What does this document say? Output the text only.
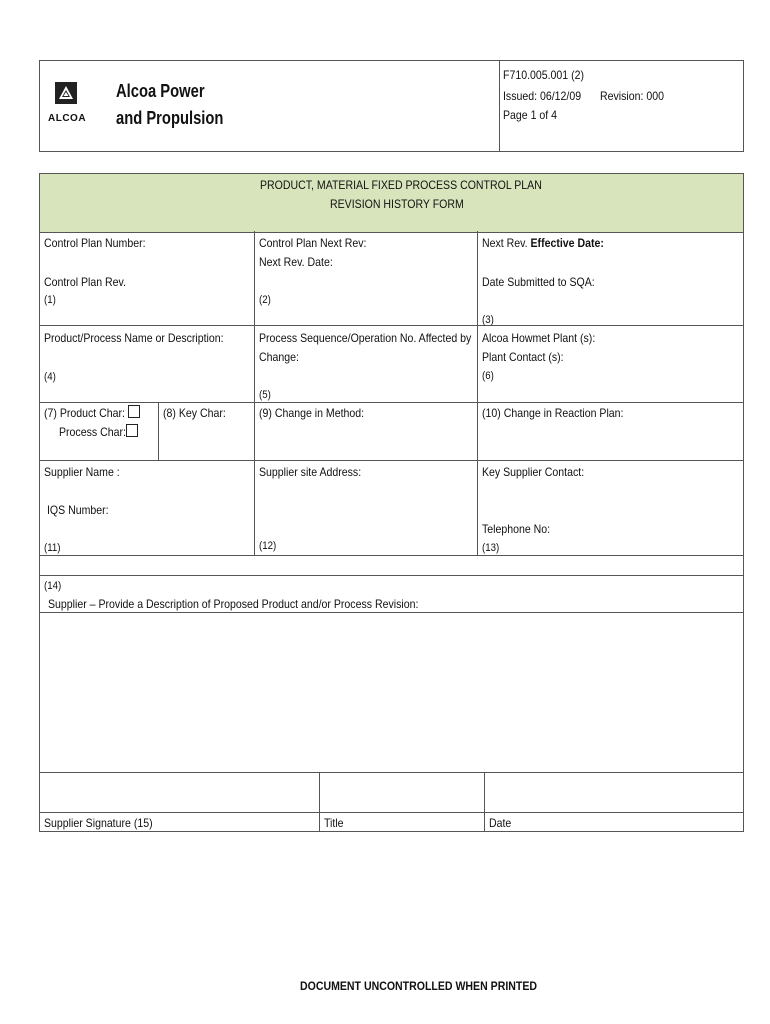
ALCOA
Alcoa Power
and Propulsion
F710.005.001 (2)
Issued: 06/12/09 Revision: 000
Page 1 of 4
PRODUCT, MATERIAL FIXED PROCESS CONTROL PLAN
REVISION HISTORY FORM
Control Plan Number:
Control Plan Rev.
(1)
Control Plan Next Rev:
Next Rev. Date:
(2)
Next Rev. Effective Date:
Date Submitted to SQA:
(3)
Product/Process Name or Description:
(4)
Process Sequence/Operation No. Affected by
Change:
(5)
Alcoa Howmet Plant (s):
Plant Contact (s):
(6)
(7) Product Char:
Process Char:
(8) Key Char:	(9) Change in Method:	(10) Change in Reaction Plan:
Supplier Name :
IQS Number:
(11)
Supplier site Address:
(12)
Key Supplier Contact:
Telephone No:
(13)
(14)
Supplier – Provide a Description of Proposed Product and/or Process Revision:
Supplier Signature (15)	Title	Date
DOCUMENT UNCONTROLLED WHEN PRINTED
